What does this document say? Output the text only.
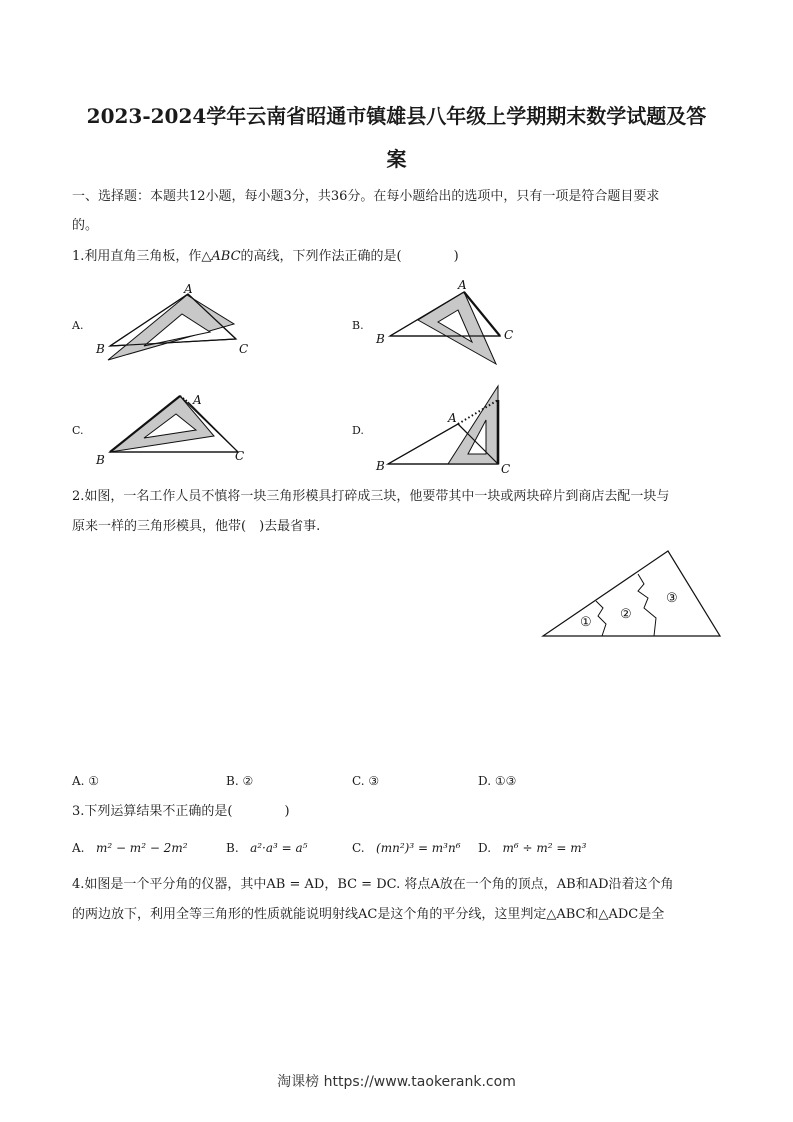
2023-2024学年云南省昭通市镇雄县八年级上学期期末数学试题及答
案
一、选择题：本题共12小题，每小题3分，共36分。在每小题给出的选项中，只有一项是符合题目要求
的。
1.利用直角三角板，作△ABC的高线，下列作法正确的是(　　　　)
A.
A
B	C
B.
A
B	C
C.
A
B	C
D.
A
B	C
2.如图，一名工作人员不慎将一块三角形模具打碎成三块，他要带其中一块或两块碎片到商店去配一块与
原来一样的三角形模具，他带(　)去最省事.
①
②
③
A. ①	B. ②	C. ③	D. ①③
3.下列运算结果不正确的是(　　　　)
A. m² − m² − 2m²	B. a²·a³ = a⁵	C. (mn²)³ = m³n⁶ D. m⁶ ÷ m² = m³
4.如图是一个平分角的仪器，其中AB = AD，BC = DC. 将点A放在一个角的顶点，AB和AD沿着这个角
的两边放下，利用全等三角形的性质就能说明射线AC是这个角的平分线，这里判定△ABC和△ADC是全
淘课榜 https://www.taokerank.com
